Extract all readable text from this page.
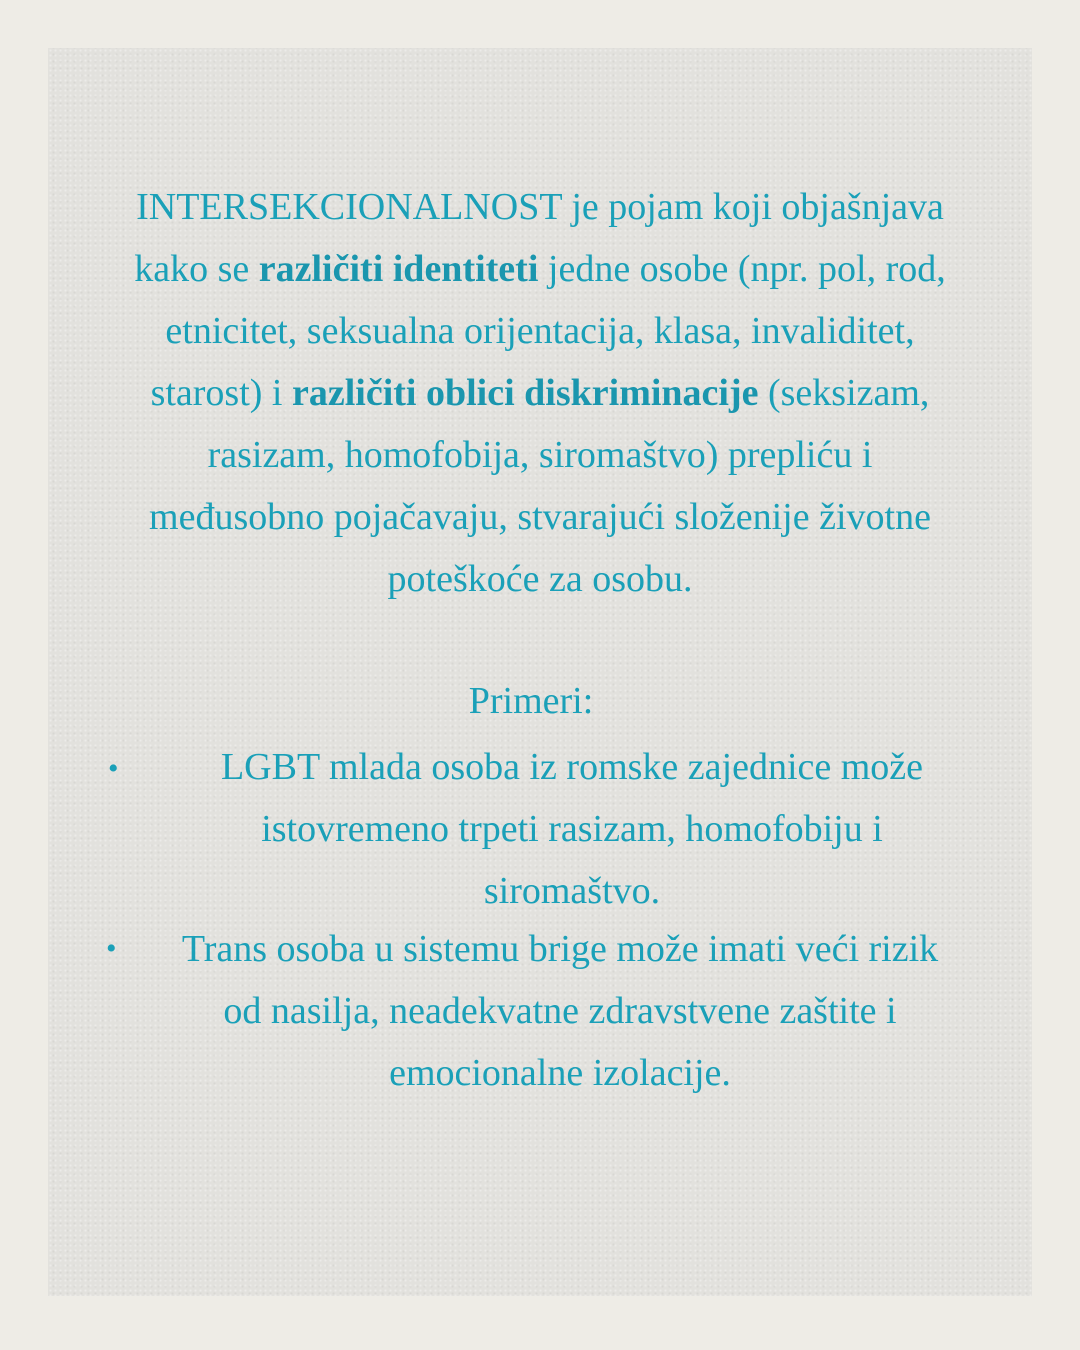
INTERSEKCIONALNOST je pojam koji objašnjava
kako se različiti identiteti jedne osobe (npr. pol, rod,
etnicitet, seksualna orijentacija, klasa, invaliditet,
starost) i različiti oblici diskriminacije (seksizam,
rasizam, homofobija, siromaštvo) prepliću i
međusobno pojačavaju, stvarajući složenije životne
poteškoće za osobu.
Primeri:
•	LGBT mlada osoba iz romske zajednice može
istovremeno trpeti rasizam, homofobiju i
siromaštvo.
•	Trans osoba u sistemu brige može imati veći rizik
od nasilja, neadekvatne zdravstvene zaštite i
emocionalne izolacije.
